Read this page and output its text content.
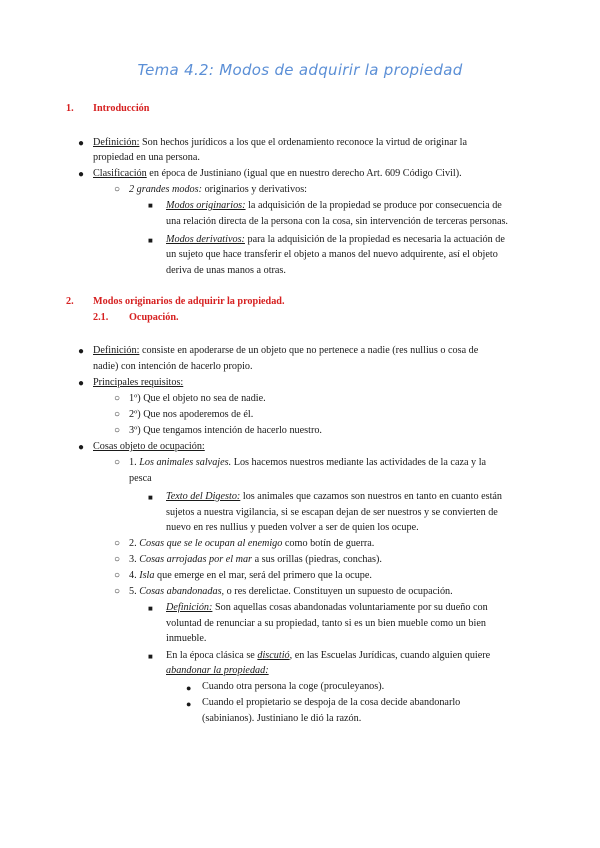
Tema 4.2: Modos de adquirir la propiedad
1. Introducción
● Definición: Son hechos jurídicos a los que el ordenamiento reconoce la virtud de originar la
propiedad en una persona.
● Clasificación en época de Justiniano (igual que en nuestro derecho Art. 609 Código Civil).
○ 2 grandes modos: originarios y derivativos:
■ Modos originarios: la adquisición de la propiedad se produce por consecuencia de
una relación directa de la persona con la cosa, sin intervención de terceras personas.
■ Modos derivativos: para la adquisición de la propiedad es necesaria la actuación de
un sujeto que hace transferir el objeto a manos del nuevo adquirente, así el objeto
deriva de unas manos a otras.
2. Modos originarios de adquirir la propiedad.
2.1. Ocupación.
● Definición: consiste en apoderarse de un objeto que no pertenece a nadie (res nullius o cosa de
nadie) con intención de hacerlo propio.
● Principales requisitos:
○ 1º) Que el objeto no sea de nadie.
○ 2º) Que nos apoderemos de él.
○ 3º) Que tengamos intención de hacerlo nuestro.
● Cosas objeto de ocupación:
○ 1. Los animales salvajes. Los hacemos nuestros mediante las actividades de la caza y la
pesca
■ Texto del Digesto: los animales que cazamos son nuestros en tanto en cuanto están
sujetos a nuestra vigilancia, si se escapan dejan de ser nuestros y se convierten de
nuevo en res nullius y pueden volver a ser de quien los ocupe.
○ 2. Cosas que se le ocupan al enemigo como botín de guerra.
○ 3. Cosas arrojadas por el mar a sus orillas (piedras, conchas).
○ 4. Isla que emerge en el mar, será del primero que la ocupe.
○ 5. Cosas abandonadas, o res derelictae. Constituyen un supuesto de ocupación.
■ Definición: Son aquellas cosas abandonadas voluntariamente por su dueño con
voluntad de renunciar a su propiedad, tanto si es un bien mueble como un bien
inmueble.
■ En la época clásica se discutió, en las Escuelas Jurídicas, cuando alguien quiere
abandonar la propiedad:
● Cuando otra persona la coge (proculeyanos).
● Cuando el propietario se despoja de la cosa decide abandonarlo
(sabinianos). Justiniano le dió la razón.
